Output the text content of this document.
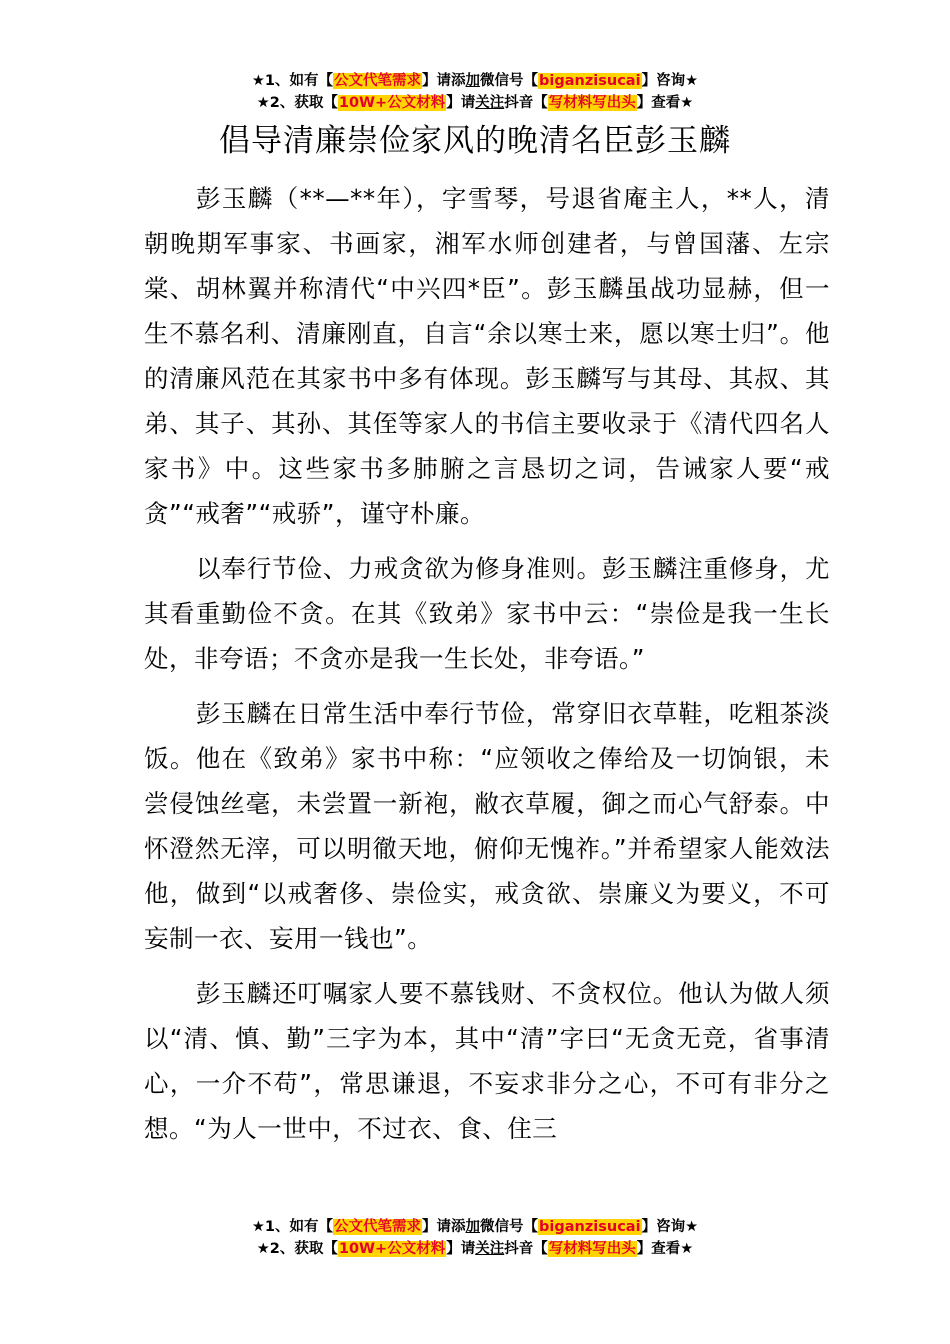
★1、如有【公文代笔需求】请添加微信号【biganzisucai】咨询★
★2、获取【10W+公文材料】请关注抖音【写材料写出头】查看★
倡导清廉崇俭家风的晚清名臣彭玉麟

彭玉麟（**—**年），字雪琴，号退省庵主人，**人，清朝晚期军事家、书画家，湘军水师创建者，与曾国藩、左宗棠、胡林翼并称清代“中兴四*臣”。彭玉麟虽战功显赫，但一生不慕名利、清廉刚直，自言“余以寒士来，愿以寒士归”。他的清廉风范在其家书中多有体现。彭玉麟写与其母、其叔、其弟、其子、其孙、其侄等家人的书信主要收录于《清代四名人家书》中。这些家书多肺腑之言恳切之词，告诫家人要“戒贪”“戒奢”“戒骄”，谨守朴廉。

以奉行节俭、力戒贪欲为修身准则。彭玉麟注重修身，尤其看重勤俭不贪。在其《致弟》家书中云：“崇俭是我一生长处，非夸语；不贪亦是我一生长处，非夸语。”

彭玉麟在日常生活中奉行节俭，常穿旧衣草鞋，吃粗茶淡饭。他在《致弟》家书中称：“应领收之俸给及一切饷银，未尝侵蚀丝毫，未尝置一新袍，敝衣草履，御之而心气舒泰。中怀澄然无滓，可以明徹天地，俯仰无愧祚。”并希望家人能效法他，做到“以戒奢侈、崇俭实，戒贪欲、崇廉义为要义，不可妄制一衣、妄用一钱也”。

彭玉麟还叮嘱家人要不慕钱财、不贪权位。他认为做人须以“清、慎、勤”三字为本，其中“清”字曰“无贪无竞，省事清心，一介不苟”，常思谦退，不妄求非分之心，不可有非分之想。“为人一世中，不过衣、食、住三

★1、如有【公文代笔需求】请添加微信号【biganzisucai】咨询★
★2、获取【10W+公文材料】请关注抖音【写材料写出头】查看★
